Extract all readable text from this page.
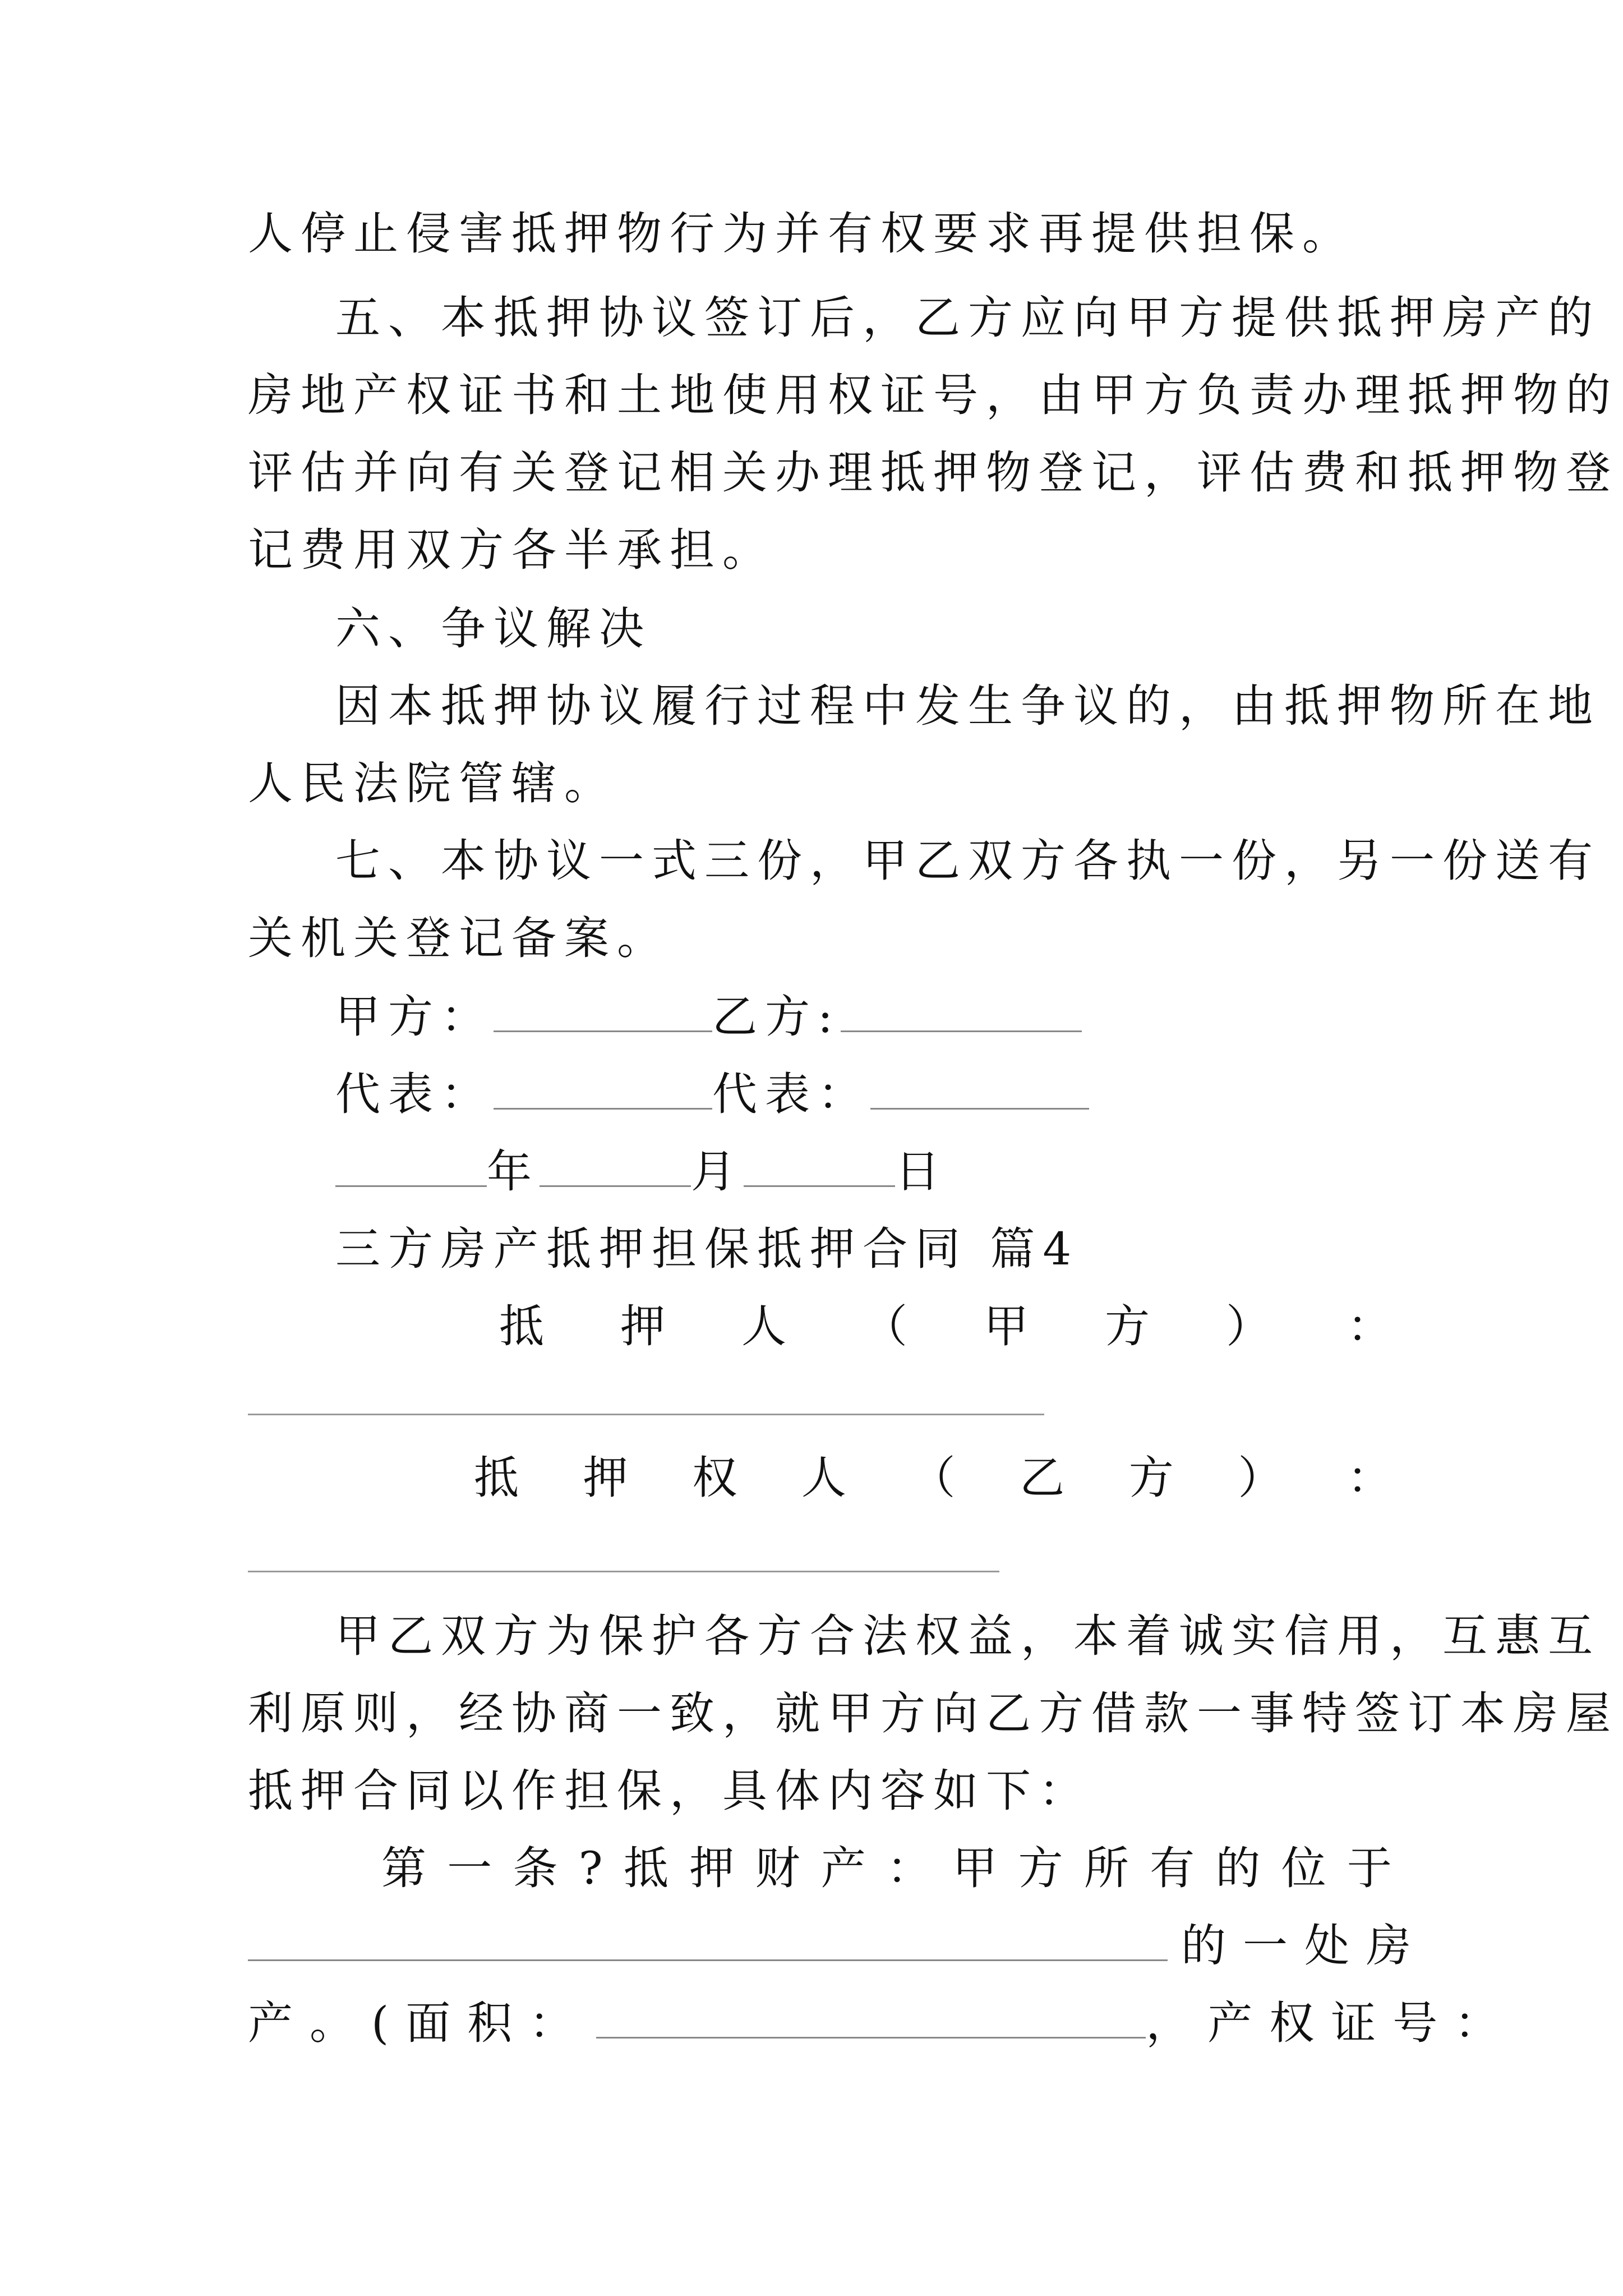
人停止侵害抵押物行为并有权要求再提供担保。
五、本抵押协议签订后，乙方应向甲方提供抵押房产的
房地产权证书和土地使用权证号，由甲方负责办理抵押物的
评估并向有关登记相关办理抵押物登记，评估费和抵押物登
记费用双方各半承担。
六、争议解决
因本抵押协议履行过程中发生争议的，由抵押物所在地
人民法院管辖。
七、本协议一式三份，甲乙双方各执一份，另一份送有
关机关登记备案。
甲方：	乙方:
代表：	代表：
年	月	日
三方房产抵押担保抵押合同 篇4
抵 押 人 （ 甲 方 ） ：
抵 押 权 人 （ 乙 方 ） ：
甲乙双方为保护各方合法权益，本着诚实信用，互惠互
利原则，经协商一致，就甲方向乙方借款一事特签订本房屋
抵押合同以作担保，具体内容如下：
第 一 条 ? 抵 押 财 产 ： 甲 方 所 有 的 位 于
的一处房
产。(面积：	，产权证号：
